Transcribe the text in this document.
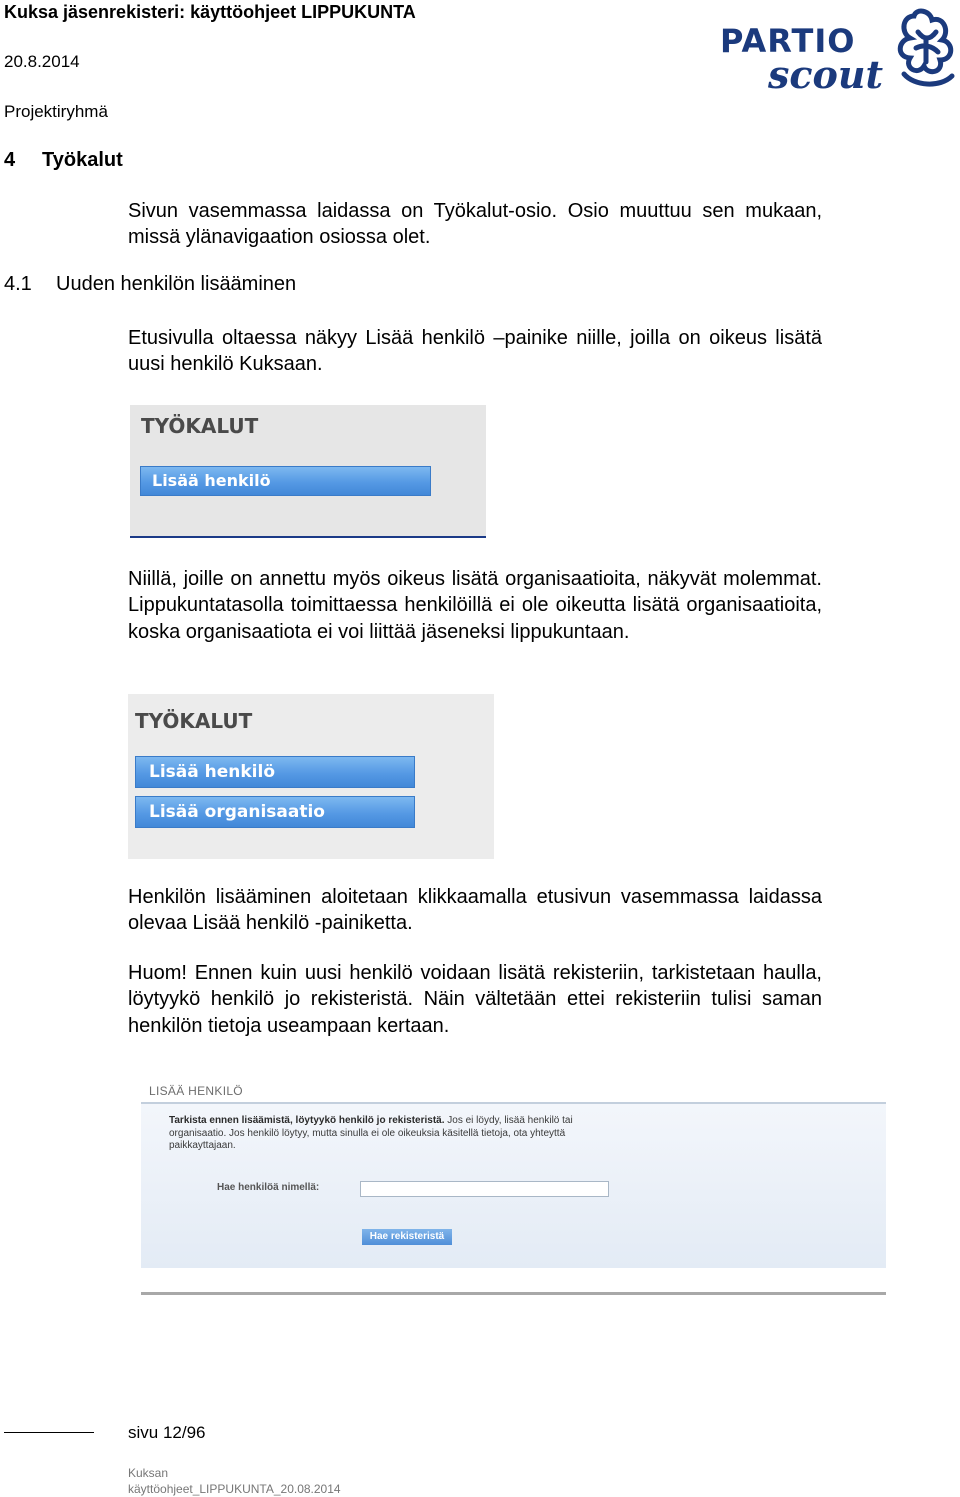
Kuksa jäsenrekisteri: käyttöohjeet LIPPUKUNTA
20.8.2014
Projektiryhmä
PARTIO
scout
4 Työkalut
Sivun vasemmassa laidassa on Työkalut-osio. Osio muuttuu sen mukaan, missä ylänavigaation osiossa olet.
4.1 Uuden henkilön lisääminen
Etusivulla oltaessa näkyy Lisää henkilö –painike niille, joilla on oikeus lisätä uusi henkilö Kuksaan.
TYÖKALUT
Lisää henkilö
Niillä, joille on annettu myös oikeus lisätä organisaatioita, näkyvät molemmat. Lippukuntatasolla toimittaessa henkilöillä ei ole oikeutta lisätä organisaatioita, koska organisaatiota ei voi liittää jäseneksi lippukuntaan.
TYÖKALUT
Lisää henkilö
Lisää organisaatio
Henkilön lisääminen aloitetaan klikkaamalla etusivun vasemmassa laidassa olevaa Lisää henkilö -painiketta.
Huom! Ennen kuin uusi henkilö voidaan lisätä rekisteriin, tarkistetaan haulla, löytyykö henkilö jo rekisteristä. Näin vältetään ettei rekisteriin tulisi saman henkilön tietoja useampaan kertaan.
LISÄÄ HENKILÖ
Tarkista ennen lisäämistä, löytyykö henkilö jo rekisteristä. Jos ei löydy, lisää henkilö tai organisaatio. Jos henkilö löytyy, mutta sinulla ei ole oikeuksia käsitellä tietoja, ota yhteyttä paikkayttajaan.
Hae henkilöä nimellä:
Hae rekisteristä
sivu 12/96
Kuksan
käyttöohjeet_LIPPUKUNTA_20.08.2014
